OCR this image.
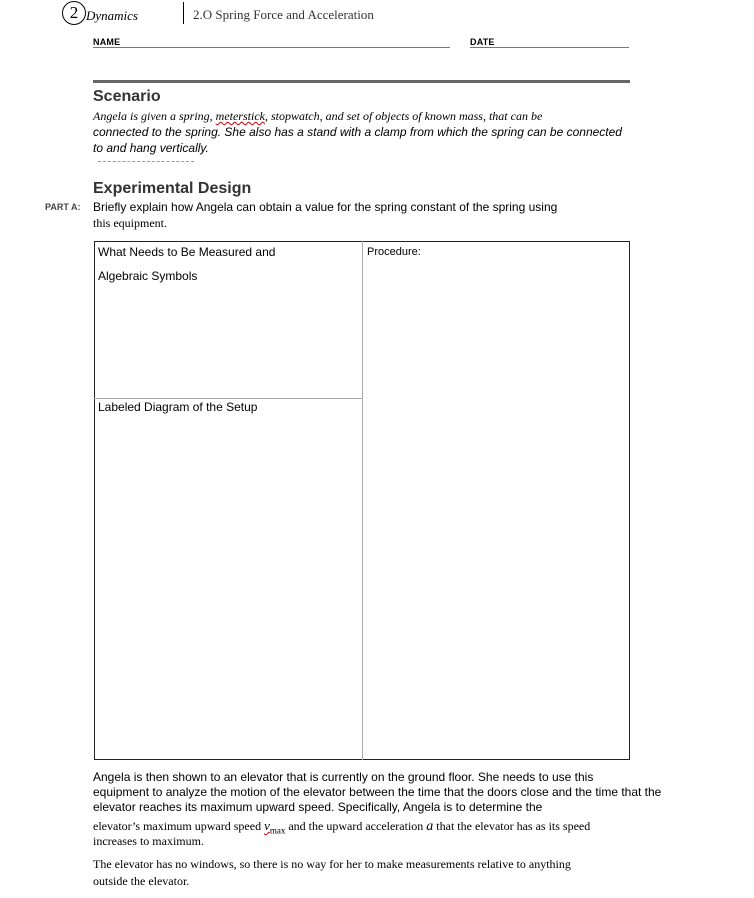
2 Dynamics	2.O Spring Force and Acceleration
NAME	DATE
Scenario
Angela is given a spring, meterstick, stopwatch, and set of objects of known mass, that can be
connected to the spring. She also has a stand with a clamp from which the spring can be connected
to and hang vertically.
Experimental Design
PART A: Briefly explain how Angela can obtain a value for the spring constant of the spring using
this equipment.
What Needs to Be Measured and
Algebraic Symbols
Labeled Diagram of the Setup
Procedure:
Angela is then shown to an elevator that is currently on the ground floor. She needs to use this
equipment to analyze the motion of the elevator between the time that the doors close and the time that the
elevator reaches its maximum upward speed. Specifically, Angela is to determine the
elevator’s maximum upward speed $v_{max}$ and the upward acceleration a that the elevator has as its speed
increases to maximum.
The elevator has no windows, so there is no way for her to make measurements relative to anything
outside the elevator.
